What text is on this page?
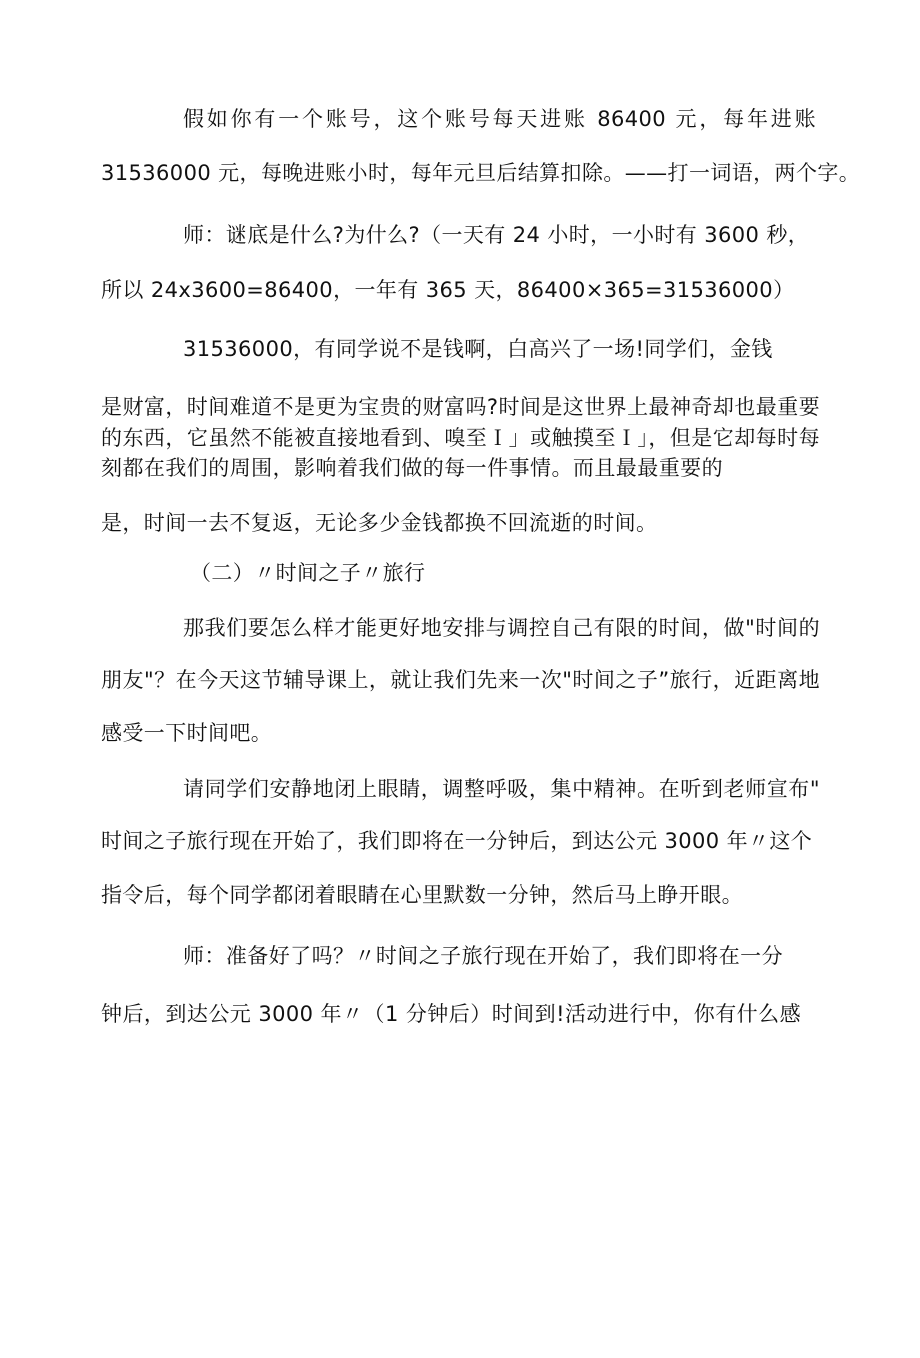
假如你有一个账号，这个账号每天进账 86400 元，每年进账
31536000 元，每晚进账小时，每年元旦后结算扣除。——打一词语，两个字。
师：谜底是什么?为什么?（一天有 24 小时，一小时有 3600 秒，
所以 24x3600=86400，一年有 365 天，86400×365=31536000）
31536000，有同学说不是钱啊，白高兴了一场!同学们，金钱
是财富，时间难道不是更为宝贵的财富吗?时间是这世界上最神奇却也最重要
的东西，它虽然不能被直接地看到、嗅至Ｉ」或触摸至Ｉ」，但是它却每时每
刻都在我们的周围，影响着我们做的每一件事情。而且最最重要的
是，时间一去不复返，无论多少金钱都换不回流逝的时间。
（二）〃时间之子〃旅行
那我们要怎么样才能更好地安排与调控自己有限的时间，做"时间的
朋友"？在今天这节辅导课上，就让我们先来一次"时间之子”旅行，近距离地
感受一下时间吧。
请同学们安静地闭上眼睛，调整呼吸，集中精神。在听到老师宣布"
时间之子旅行现在开始了，我们即将在一分钟后，到达公元 3000 年〃这个
指令后，每个同学都闭着眼睛在心里默数一分钟，然后马上睁开眼。
师：准备好了吗？〃时间之子旅行现在开始了，我们即将在一分
钟后，到达公元 3000 年〃（1 分钟后）时间到!活动进行中，你有什么感
